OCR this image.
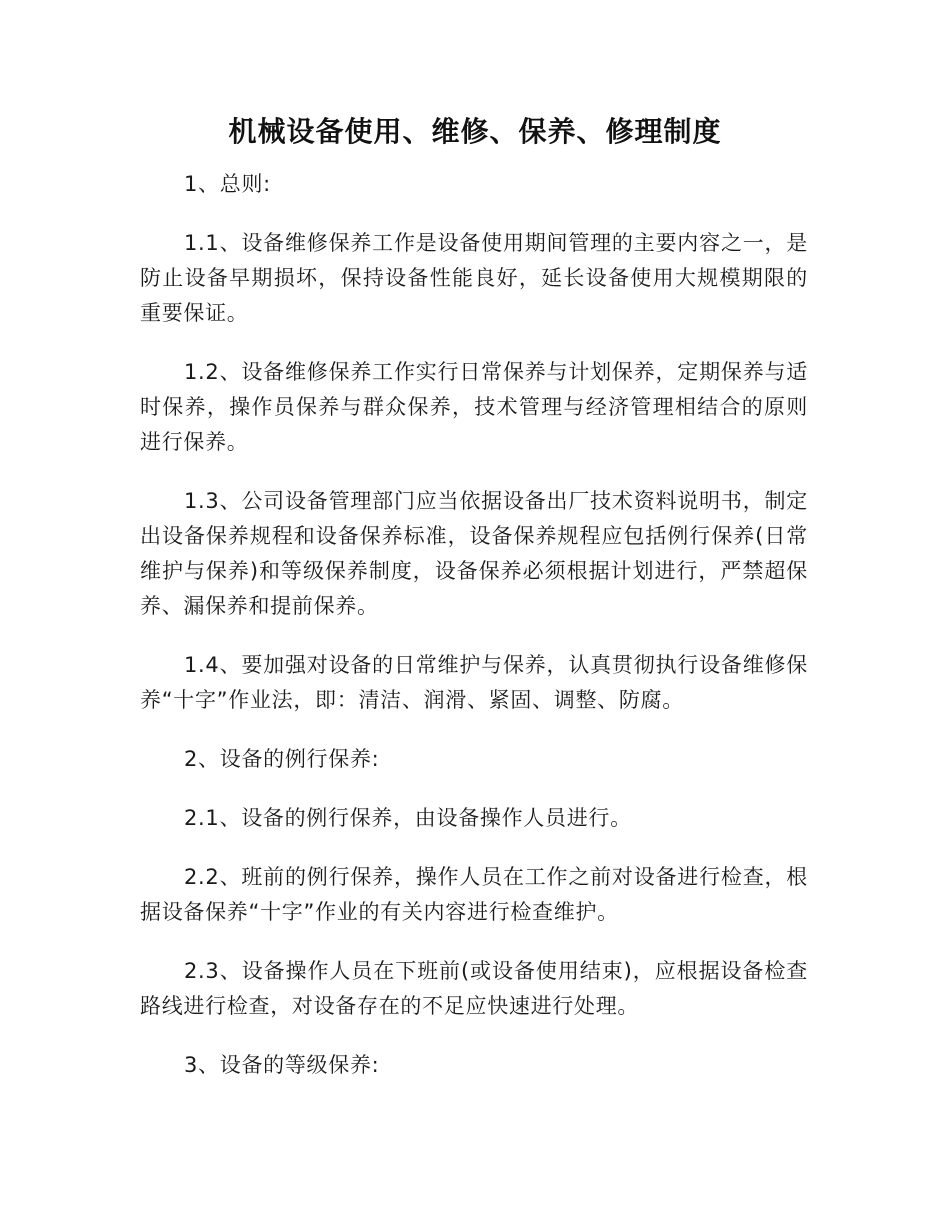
机械设备使用、维修、保养、修理制度

1、总则:

1.1、设备维修保养工作是设备使用期间管理的主要内容之一，是防止设备早期损坏，保持设备性能良好，延长设备使用大规模期限的重要保证。

1.2、设备维修保养工作实行日常保养与计划保养，定期保养与适时保养，操作员保养与群众保养，技术管理与经济管理相结合的原则进行保养。

1.3、公司设备管理部门应当依据设备出厂技术资料说明书，制定出设备保养规程和设备保养标准，设备保养规程应包括例行保养(日常维护与保养)和等级保养制度，设备保养必须根据计划进行，严禁超保养、漏保养和提前保养。

1.4、要加强对设备的日常维护与保养，认真贯彻执行设备维修保养“十字”作业法，即：清洁、润滑、紧固、调整、防腐。

2、设备的例行保养:

2.1、设备的例行保养，由设备操作人员进行。

2.2、班前的例行保养，操作人员在工作之前对设备进行检查，根据设备保养“十字”作业的有关内容进行检查维护。

2.3、设备操作人员在下班前(或设备使用结束)，应根据设备检查路线进行检查，对设备存在的不足应快速进行处理。

3、设备的等级保养:
